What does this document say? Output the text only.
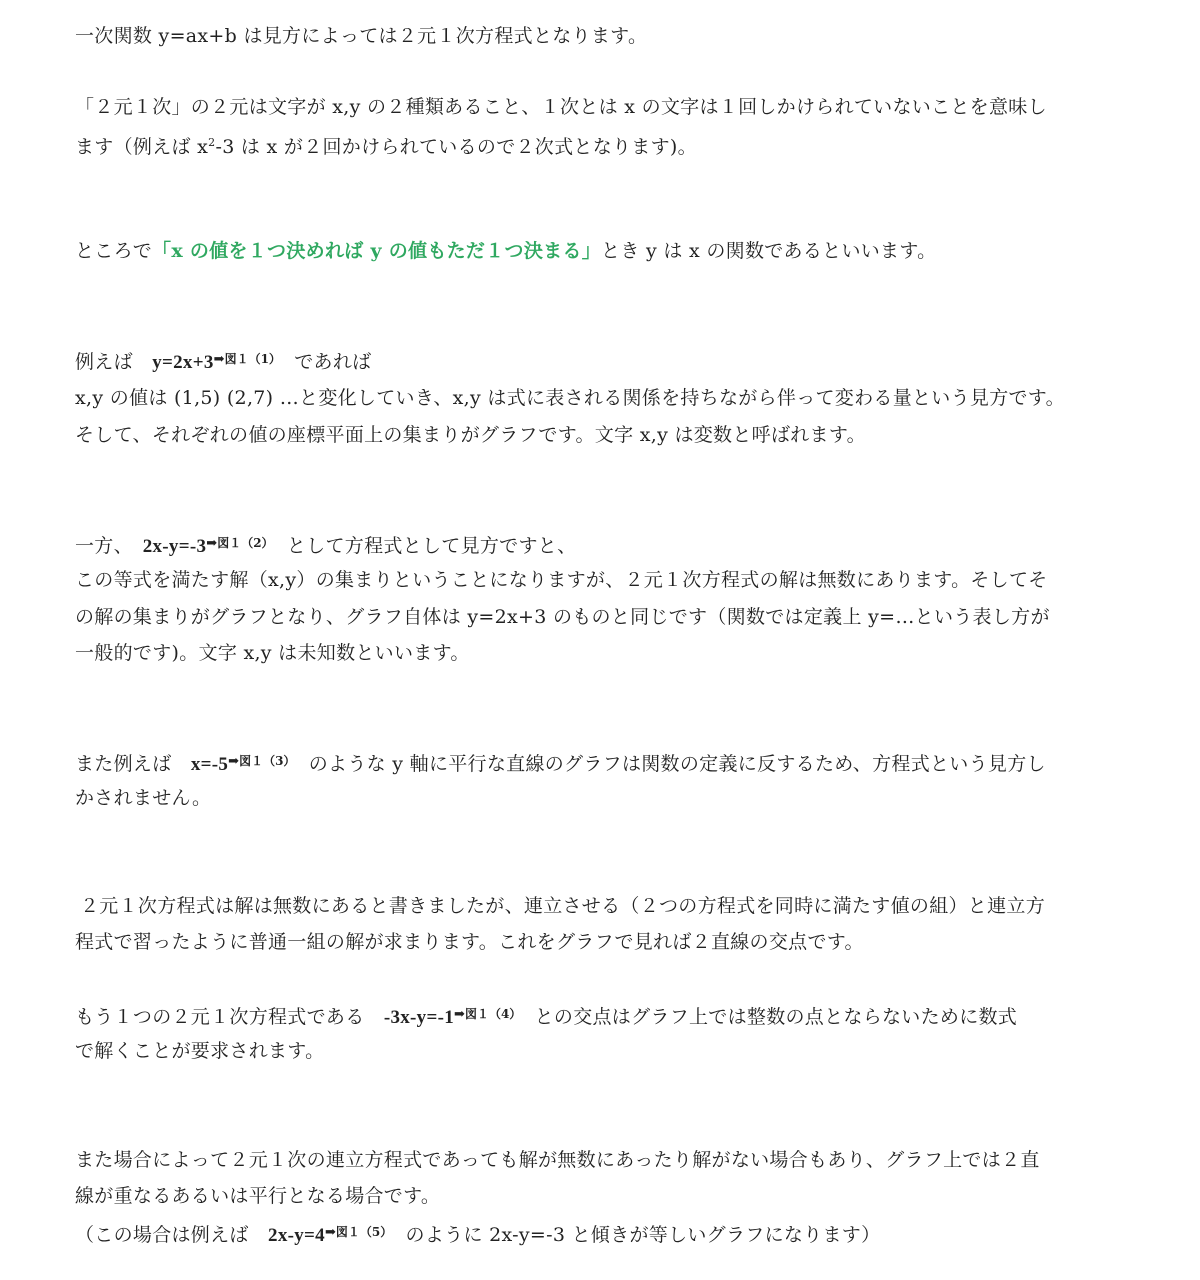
一次関数 y=ax+b は見方によっては２元１次方程式となります。
「２元１次」の２元は文字が x,y の２種類あること、１次とは x の文字は１回しかけられていないことを意味し
ます（例えば $x^2-3$ は x が２回かけられているので２次式となります)。
ところで「x の値を１つ決めれば y の値もただ１つ決まる」とき y は x の関数であるといいます。
例えば　$y=2x+3^{➡図1(1)}$　であれば
x,y の値は (1,5) (2,7) …と変化していき、x,y は式に表される関係を持ちながら伴って変わる量という見方です。
そして、それぞれの値の座標平面上の集まりがグラフです。文字 x,y は変数と呼ばれます。
一方、　$2x-y=-3^{➡図1(2)}$　として方程式として見方ですと、
この等式を満たす解（x,y）の集まりということになりますが、２元１次方程式の解は無数にあります。そしてそ
の解の集まりがグラフとなり、グラフ自体は y=2x+3 のものと同じです（関数では定義上 y=…という表し方が
一般的です)。文字 x,y は未知数といいます。
また例えば　$x=-5^{➡図1(3)}$　のような y 軸に平行な直線のグラフは関数の定義に反するため、方程式という見方し
かされません。
２元１次方程式は解は無数にあると書きましたが、連立させる（２つの方程式を同時に満たす値の組）と連立方
程式で習ったように普通一組の解が求まります。これをグラフで見れば２直線の交点です。
もう１つの２元１次方程式である　$-3x-y=-1^{➡図1(4)}$　との交点はグラフ上では整数の点とならないために数式
で解くことが要求されます。
また場合によって２元１次の連立方程式であっても解が無数にあったり解がない場合もあり、グラフ上では２直
線が重なるあるいは平行となる場合です。
（この場合は例えば　$2x-y=4^{➡図1(5)}$　のように 2x-y=-3 と傾きが等しいグラフになります）
